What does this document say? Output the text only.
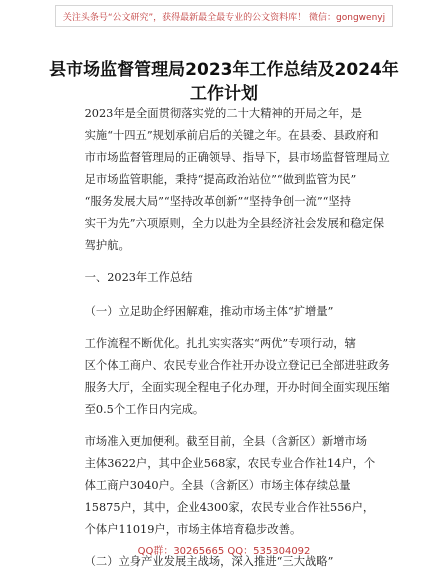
关注头条号“公文研究”，获得最新最全最专业的公文资料库！ 微信：gongwenyj
县市场监督管理局2023年工作总结及2024年
工作计划
2023年是全面贯彻落实党的二十大精神的开局之年，是
实施“十四五”规划承前启后的关键之年。在县委、县政府和
市市场监督管理局的正确领导、指导下，县市场监督管理局立
足市场监管职能，秉持“提高政治站位”“做到监管为民”
“服务发展大局”“坚持改革创新”“坚持争创一流”“坚持
实干为先”六项原则，全力以赴为全县经济社会发展和稳定保
驾护航。
一、2023年工作总结
（一）立足助企纾困解难，推动市场主体“扩增量”
工作流程不断优化。扎扎实实落实“两优”专项行动，辖
区个体工商户、农民专业合作社开办设立登记已全部进驻政务
服务大厅，全面实现全程电子化办理，开办时间全面实现压缩
至0.5个工作日内完成。
市场准入更加便利。截至目前，全县（含新区）新增市场
主体3622户，其中企业568家，农民专业合作社14户，个
体工商户3040户。全县（含新区）市场主体存续总量
15875户，其中，企业4300家，农民专业合作社556户，
个体户11019户，市场主体培育稳步改善。
（二）立身产业发展主战场，深入推进“三大战略”
QQ群：30265665 QQ：535304092
